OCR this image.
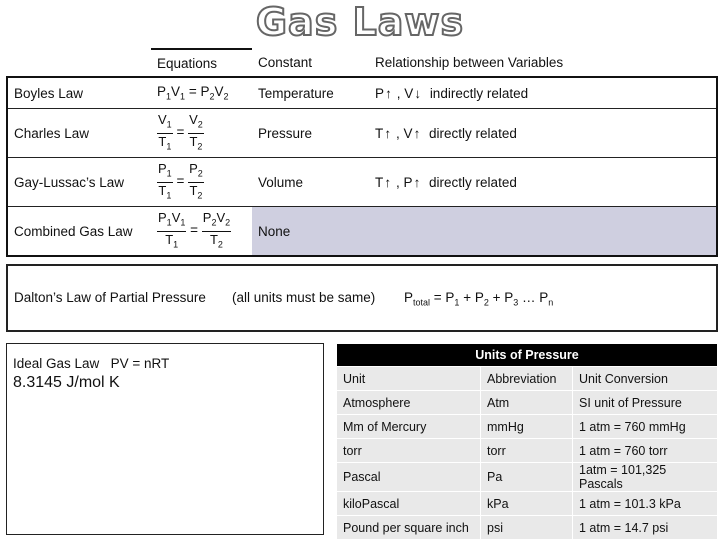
Gas Laws
	Equations	Constant	Relationship between Variables
Boyles Law	$P_1V_1 = P_2V_2$	Temperature	P↑ , V↓ indirectly related
Charles Law	$\frac{V_1}{T_1} = \frac{V_2}{T_2}$	Pressure	T↑ , V↑ directly related
Gay-Lussac’s Law	$\frac{P_1}{T_1} = \frac{P_2}{T_2}$	Volume	T↑ , P↑ directly related
Combined Gas Law	$\frac{P_1V_1}{T_1} = \frac{P_2V_2}{T_2}$	None	
Dalton’s Law of Partial Pressure (all units must be same) $P_{total} = P_1 + P_2 + P_3$ … $P_n$
Ideal Gas Law PV = nRT
8.3145 J/mol K
Units of Pressure		
Unit	Abbreviation	Unit Conversion
Atmosphere	Atm	SI unit of Pressure
Mm of Mercury	mmHg	1 atm = 760 mmHg
torr	torr	1 atm = 760 torr
Pascal	Pa	1atm = 101,325 Pascals
kiloPascal	kPa	1 atm = 101.3 kPa
Pound per square inch	psi	1 atm = 14.7 psi
